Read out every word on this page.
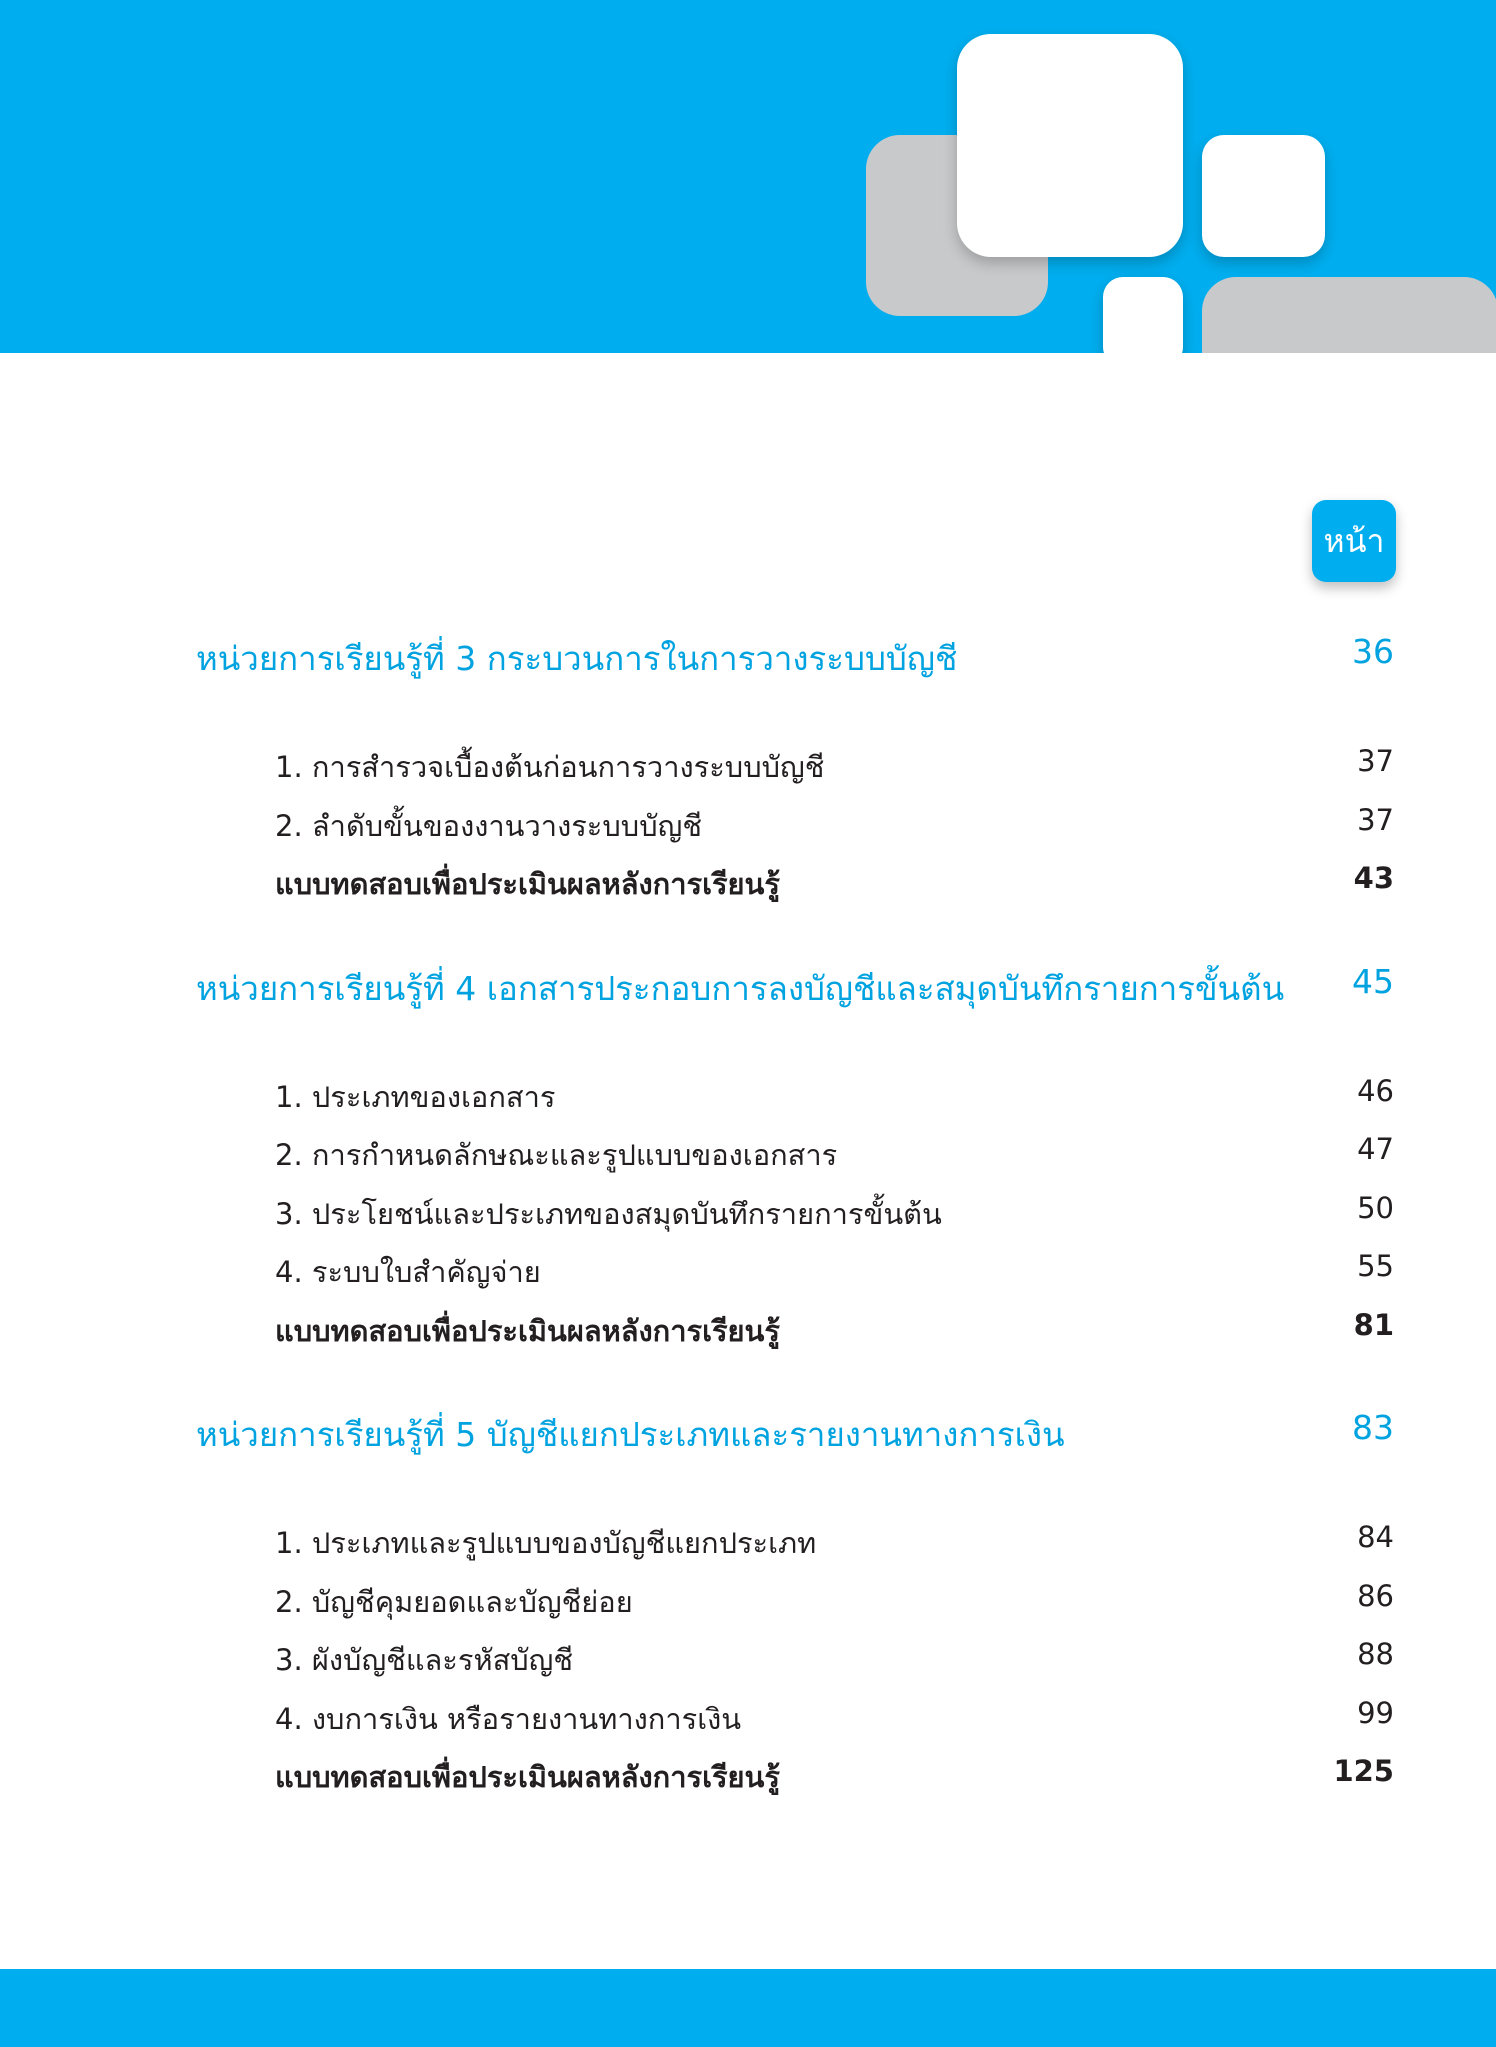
หน้า
หน่วยการเรียนรู้ที่ 3 กระบวนการในการวางระบบบัญชี	36
1. การสำรวจเบื้องต้นก่อนการวางระบบบัญชี	37
2. ลำดับขั้นของงานวางระบบบัญชี	37
แบบทดสอบเพื่อประเมินผลหลังการเรียนรู้	43
หน่วยการเรียนรู้ที่ 4 เอกสารประกอบการลงบัญชีและสมุดบันทึกรายการขั้นต้น 45
1. ประเภทของเอกสาร	46
2. การกำหนดลักษณะและรูปแบบของเอกสาร	47
3. ประโยชน์และประเภทของสมุดบันทึกรายการขั้นต้น	50
4. ระบบใบสำคัญจ่าย	55
แบบทดสอบเพื่อประเมินผลหลังการเรียนรู้	81
หน่วยการเรียนรู้ที่ 5 บัญชีแยกประเภทและรายงานทางการเงิน	83
1. ประเภทและรูปแบบของบัญชีแยกประเภท	84
2. บัญชีคุมยอดและบัญชีย่อย	86
3. ผังบัญชีและรหัสบัญชี	88
4. งบการเงิน หรือรายงานทางการเงิน	99
แบบทดสอบเพื่อประเมินผลหลังการเรียนรู้	125
